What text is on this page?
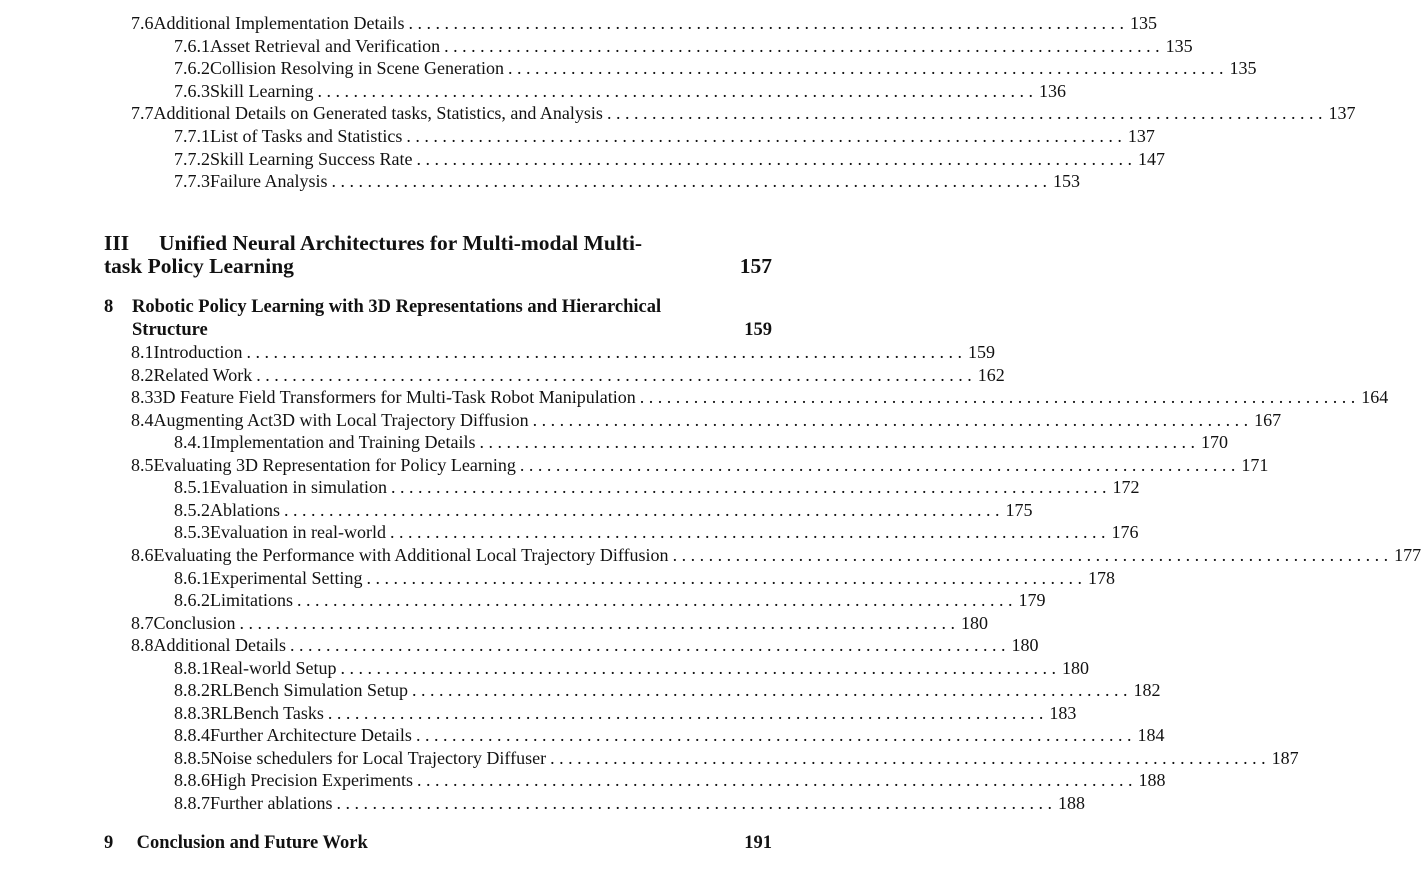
7.6 Additional Implementation Details . . . . . . . . . . . . . . . . . . . . . . . . . . . . . . . . . . . . . . . . . . . . . . . . . . . . . . . . . . . . . . . . . . . . . . . . . . . . . . . . 135
7.6.1 Asset Retrieval and Verification . . . . . . . . . . . . . . . . . . . . . . . . . . . . . . . . . . . . . . . . . . . . . . . . . . . . . . . . . . . . . . . . . . . . . . . . . . . . . . . . 135
7.6.2 Collision Resolving in Scene Generation . . . . . . . . . . . . . . . . . . . . . . . . . . . . . . . . . . . . . . . . . . . . . . . . . . . . . . . . . . . . . . . . . . . . . . . . . . . . . . . . 135
7.6.3 Skill Learning . . . . . . . . . . . . . . . . . . . . . . . . . . . . . . . . . . . . . . . . . . . . . . . . . . . . . . . . . . . . . . . . . . . . . . . . . . . . . . . . 136
7.7 Additional Details on Generated tasks, Statistics, and Analysis . . . . . . . . . . . . . . . . . . . . . . . . . . . . . . . . . . . . . . . . . . . . . . . . . . . . . . . . . . . . . . . . . . . . . . . . . . . . . . . . 137
7.7.1 List of Tasks and Statistics . . . . . . . . . . . . . . . . . . . . . . . . . . . . . . . . . . . . . . . . . . . . . . . . . . . . . . . . . . . . . . . . . . . . . . . . . . . . . . . . 137
7.7.2 Skill Learning Success Rate . . . . . . . . . . . . . . . . . . . . . . . . . . . . . . . . . . . . . . . . . . . . . . . . . . . . . . . . . . . . . . . . . . . . . . . . . . . . . . . . 147
7.7.3 Failure Analysis . . . . . . . . . . . . . . . . . . . . . . . . . . . . . . . . . . . . . . . . . . . . . . . . . . . . . . . . . . . . . . . . . . . . . . . . . . . . . . . . 153
III	Unified Neural Architectures for Multi-modal Multi-
task Policy Learning	157
8	Robotic Policy Learning with 3D Representations and Hierarchical
Structure	159
8.1 Introduction . . . . . . . . . . . . . . . . . . . . . . . . . . . . . . . . . . . . . . . . . . . . . . . . . . . . . . . . . . . . . . . . . . . . . . . . . . . . . . . . 159
8.2 Related Work . . . . . . . . . . . . . . . . . . . . . . . . . . . . . . . . . . . . . . . . . . . . . . . . . . . . . . . . . . . . . . . . . . . . . . . . . . . . . . . . 162
8.3 3D Feature Field Transformers for Multi-Task Robot Manipulation . . . . . . . . . . . . . . . . . . . . . . . . . . . . . . . . . . . . . . . . . . . . . . . . . . . . . . . . . . . . . . . . . . . . . . . . . . . . . . . . 164
8.4 Augmenting Act3D with Local Trajectory Diffusion . . . . . . . . . . . . . . . . . . . . . . . . . . . . . . . . . . . . . . . . . . . . . . . . . . . . . . . . . . . . . . . . . . . . . . . . . . . . . . . . 167
8.4.1 Implementation and Training Details . . . . . . . . . . . . . . . . . . . . . . . . . . . . . . . . . . . . . . . . . . . . . . . . . . . . . . . . . . . . . . . . . . . . . . . . . . . . . . . . 170
8.5 Evaluating 3D Representation for Policy Learning . . . . . . . . . . . . . . . . . . . . . . . . . . . . . . . . . . . . . . . . . . . . . . . . . . . . . . . . . . . . . . . . . . . . . . . . . . . . . . . . 171
8.5.1 Evaluation in simulation . . . . . . . . . . . . . . . . . . . . . . . . . . . . . . . . . . . . . . . . . . . . . . . . . . . . . . . . . . . . . . . . . . . . . . . . . . . . . . . . 172
8.5.2 Ablations . . . . . . . . . . . . . . . . . . . . . . . . . . . . . . . . . . . . . . . . . . . . . . . . . . . . . . . . . . . . . . . . . . . . . . . . . . . . . . . . 175
8.5.3 Evaluation in real-world . . . . . . . . . . . . . . . . . . . . . . . . . . . . . . . . . . . . . . . . . . . . . . . . . . . . . . . . . . . . . . . . . . . . . . . . . . . . . . . . 176
8.6 Evaluating the Performance with Additional Local Trajectory Diffusion . . . . . . . . . . . . . . . . . . . . . . . . . . . . . . . . . . . . . . . . . . . . . . . . . . . . . . . . . . . . . . . . . . . . . . . . . . . . . . . . 177
8.6.1 Experimental Setting . . . . . . . . . . . . . . . . . . . . . . . . . . . . . . . . . . . . . . . . . . . . . . . . . . . . . . . . . . . . . . . . . . . . . . . . . . . . . . . . 178
8.6.2 Limitations . . . . . . . . . . . . . . . . . . . . . . . . . . . . . . . . . . . . . . . . . . . . . . . . . . . . . . . . . . . . . . . . . . . . . . . . . . . . . . . . 179
8.7 Conclusion . . . . . . . . . . . . . . . . . . . . . . . . . . . . . . . . . . . . . . . . . . . . . . . . . . . . . . . . . . . . . . . . . . . . . . . . . . . . . . . . 180
8.8 Additional Details . . . . . . . . . . . . . . . . . . . . . . . . . . . . . . . . . . . . . . . . . . . . . . . . . . . . . . . . . . . . . . . . . . . . . . . . . . . . . . . . 180
8.8.1 Real-world Setup . . . . . . . . . . . . . . . . . . . . . . . . . . . . . . . . . . . . . . . . . . . . . . . . . . . . . . . . . . . . . . . . . . . . . . . . . . . . . . . . 180
8.8.2 RLBench Simulation Setup . . . . . . . . . . . . . . . . . . . . . . . . . . . . . . . . . . . . . . . . . . . . . . . . . . . . . . . . . . . . . . . . . . . . . . . . . . . . . . . . 182
8.8.3 RLBench Tasks . . . . . . . . . . . . . . . . . . . . . . . . . . . . . . . . . . . . . . . . . . . . . . . . . . . . . . . . . . . . . . . . . . . . . . . . . . . . . . . . 183
8.8.4 Further Architecture Details . . . . . . . . . . . . . . . . . . . . . . . . . . . . . . . . . . . . . . . . . . . . . . . . . . . . . . . . . . . . . . . . . . . . . . . . . . . . . . . . 184
8.8.5 Noise schedulers for Local Trajectory Diffuser . . . . . . . . . . . . . . . . . . . . . . . . . . . . . . . . . . . . . . . . . . . . . . . . . . . . . . . . . . . . . . . . . . . . . . . . . . . . . . . . 187
8.8.6 High Precision Experiments . . . . . . . . . . . . . . . . . . . . . . . . . . . . . . . . . . . . . . . . . . . . . . . . . . . . . . . . . . . . . . . . . . . . . . . . . . . . . . . . 188
8.8.7 Further ablations . . . . . . . . . . . . . . . . . . . . . . . . . . . . . . . . . . . . . . . . . . . . . . . . . . . . . . . . . . . . . . . . . . . . . . . . . . . . . . . . 188
9 Conclusion and Future Work	191
